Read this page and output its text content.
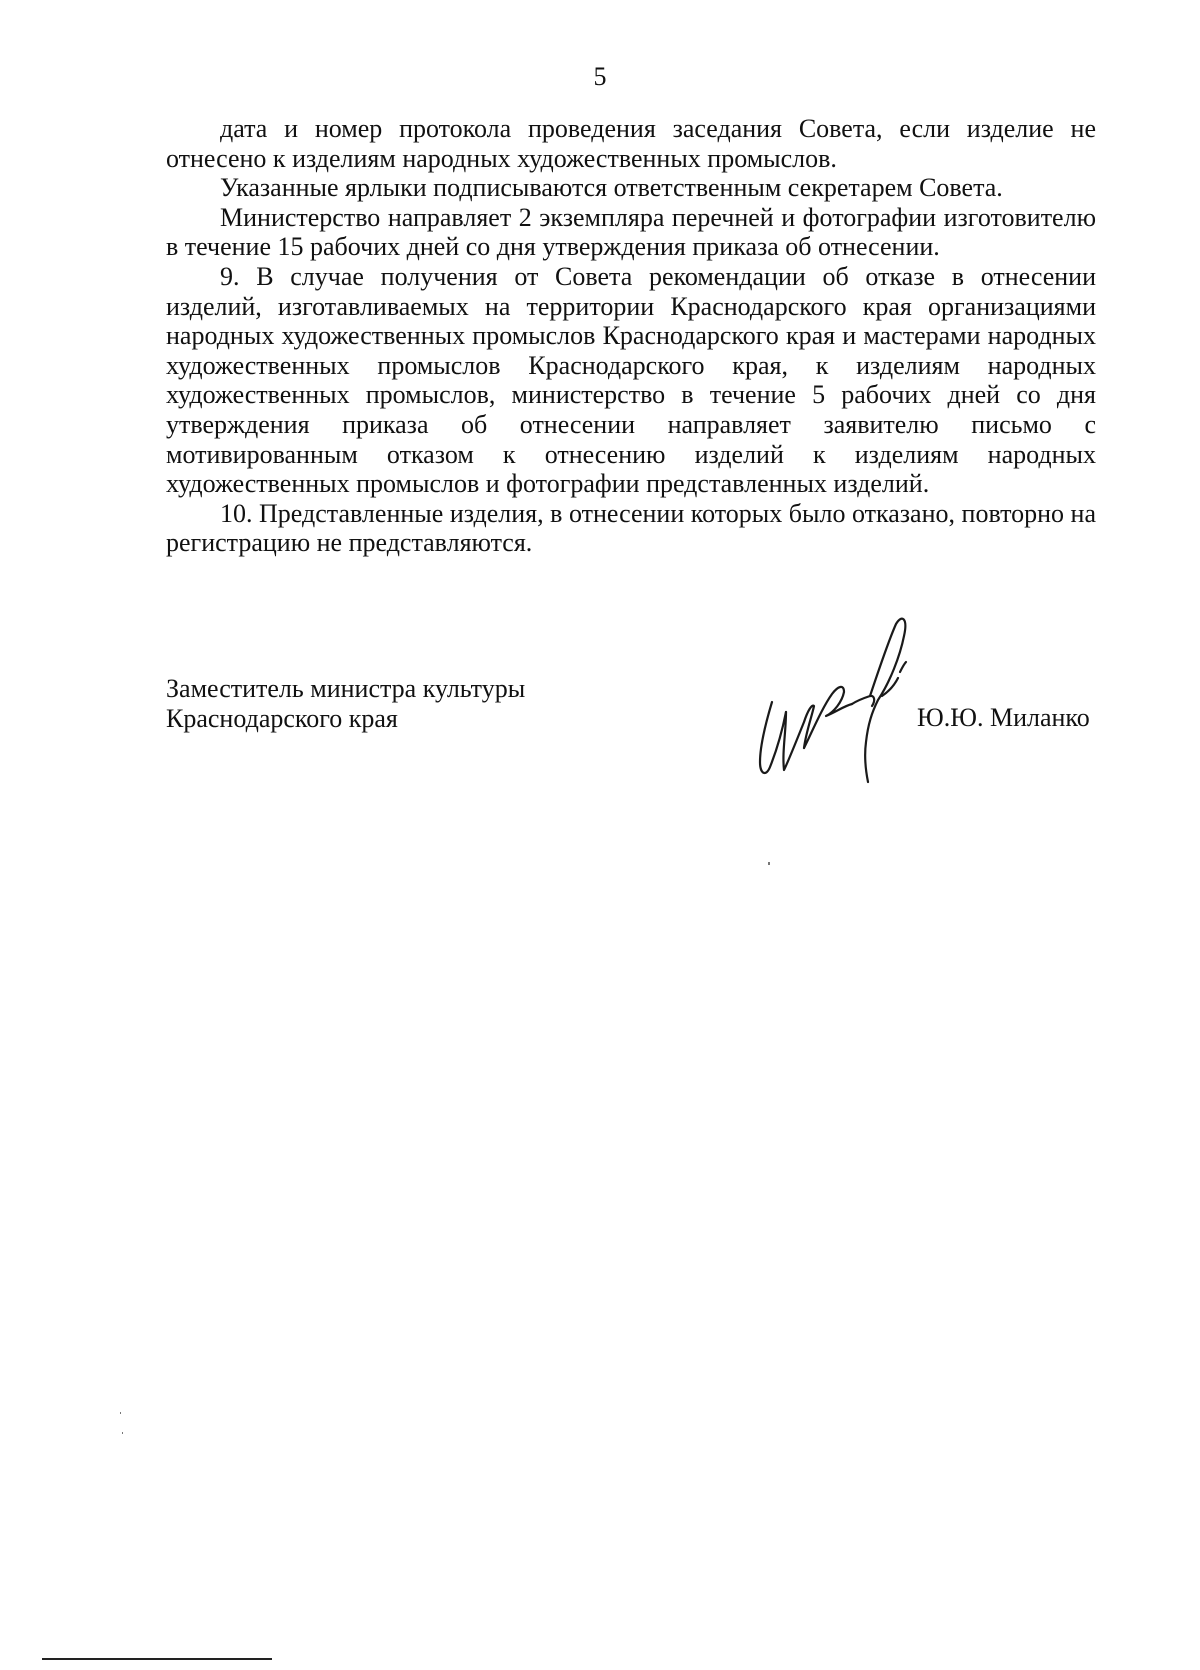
5

дата и номер протокола проведения заседания Совета, если изделие не отнесено к изделиям народных художественных промыслов.

Указанные ярлыки подписываются ответственным секретарем Совета.

Министерство направляет 2 экземпляра перечней и фотографии изготовителю в течение 15 рабочих дней со дня утверждения приказа об отнесении.

9. В случае получения от Совета рекомендации об отказе в отнесении изделий, изготавливаемых на территории Краснодарского края организациями народных художественных промыслов Краснодарского края и мастерами народных художественных промыслов Краснодарского края, к изделиям народных художественных промыслов, министерство в течение 5 рабочих дней со дня утверждения приказа об отнесении направляет заявителю письмо с мотивированным отказом к отнесению изделий к изделиям народных художественных промыслов и фотографии представленных изделий.

10. Представленные изделия, в отнесении которых было отказано, повторно на регистрацию не представляются.

Заместитель министра культуры
Краснодарского края	Ю.Ю. Миланко
